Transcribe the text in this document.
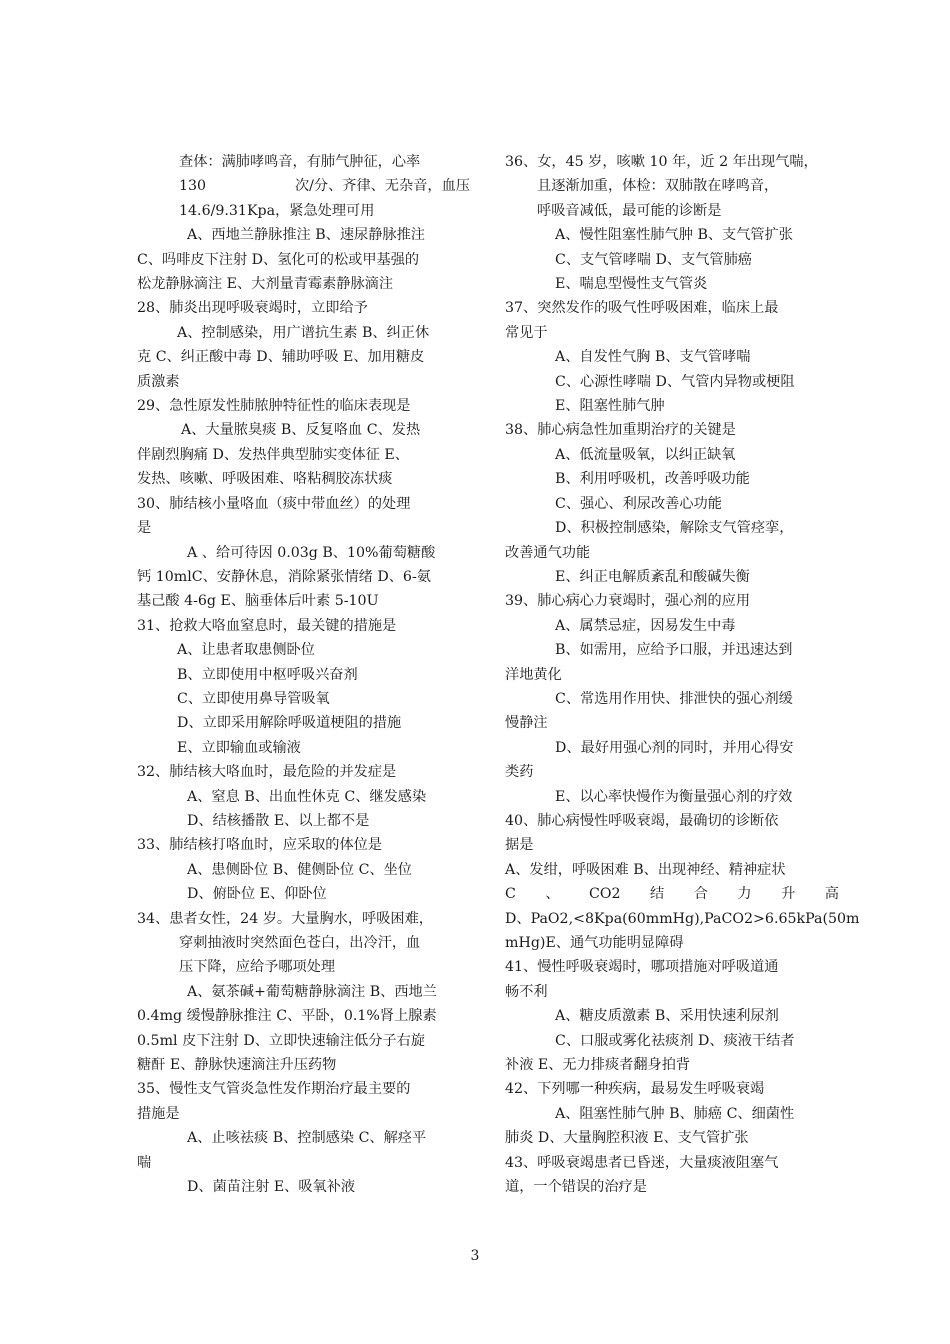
查体：满肺哮鸣音，有肺气肿征，心率
130	次/分、齐律、无杂音，血压
14.6/9.31Kpa，紧急处理可用
A、西地兰静脉推注 B、速尿静脉推注
C、吗啡皮下注射 D、氢化可的松或甲基强的
松龙静脉滴注 E、大剂量青霉素静脉滴注
28、肺炎出现呼吸衰竭时，立即给予
A、控制感染，用广谱抗生素 B、纠正休
克 C、纠正酸中毒 D、辅助呼吸 E、加用糖皮
质激素
29、急性原发性肺脓肿特征性的临床表现是
A、大量脓臭痰 B、反复咯血 C、发热
伴剧烈胸痛 D、发热伴典型肺实变体征 E、
发热、咳嗽、呼吸困难、咯粘稠胶冻状痰
30、肺结核小量咯血（痰中带血丝）的处理
是
A 、给可待因 0.03g B、10%葡萄糖酸
钙 10mlC、安静休息，消除紧张情绪 D、6-氨
基己酸 4-6g E、脑垂体后叶素 5-10U
31、抢救大咯血窒息时，最关键的措施是
A、让患者取患侧卧位
B、立即使用中枢呼吸兴奋剂
C、立即使用鼻导管吸氧
D、立即采用解除呼吸道梗阻的措施
E、立即输血或输液
32、肺结核大咯血时，最危险的并发症是
A、窒息 B、出血性休克 C、继发感染
D、结核播散 E、以上都不是
33、肺结核打咯血时，应采取的体位是
A、患侧卧位 B、健侧卧位 C、坐位
D、俯卧位 E、仰卧位
34、患者女性，24 岁。大量胸水，呼吸困难，
穿刺抽液时突然面色苍白，出冷汗，血
压下降，应给予哪项处理
A、氨茶碱+葡萄糖静脉滴注 B、西地兰
0.4mg 缓慢静脉推注 C、平卧，0.1%肾上腺素
0.5ml 皮下注射 D、立即快速输注低分子右旋
糖酐 E、静脉快速滴注升压药物
35、慢性支气管炎急性发作期治疗最主要的
措施是
A、止咳祛痰 B、控制感染 C、解痉平
喘
D、菌苗注射 E、吸氧补液
36、女，45 岁，咳嗽 10 年，近 2 年出现气喘，
且逐渐加重，体检：双肺散在哮鸣音，
呼吸音减低，最可能的诊断是
A、慢性阻塞性肺气肿 B、支气管扩张
C、支气管哮喘 D、支气管肺癌
E、喘息型慢性支气管炎
37、突然发作的吸气性呼吸困难，临床上最
常见于
A、自发性气胸 B、支气管哮喘
C、心源性哮喘 D、气管内异物或梗阻
E、阻塞性肺气肿
38、肺心病急性加重期治疗的关键是
A、低流量吸氧，以纠正缺氧
B、利用呼吸机，改善呼吸功能
C、强心、利尿改善心功能
D、积极控制感染，解除支气管痉挛，
改善通气功能
E、纠正电解质紊乱和酸碱失衡
39、肺心病心力衰竭时，强心剂的应用
A、属禁忌症，因易发生中毒
B、如需用，应给予口服，并迅速达到
洋地黄化
C、常选用作用快、排泄快的强心剂缓
慢静注
D、最好用强心剂的同时，并用心得安
类药
E、以心率快慢作为衡量强心剂的疗效
40、肺心病慢性呼吸衰竭，最确切的诊断依
据是
A、发绀，呼吸困难 B、出现神经、精神症状
C 、 CO2 结 合 力 升 高
D、PaO2,<8Kpa(60mmHg),PaCO2>6.65kPa(50m
mHg)E、通气功能明显障碍
41、慢性呼吸衰竭时，哪项措施对呼吸道通
畅不利
A、糖皮质激素 B、采用快速利尿剂
C、口服或雾化祛痰剂 D、痰液干结者
补液 E、无力排痰者翻身拍背
42、下列哪一种疾病，最易发生呼吸衰竭
A、阻塞性肺气肿 B、肺癌 C、细菌性
肺炎 D、大量胸腔积液 E、支气管扩张
43、呼吸衰竭患者已昏迷，大量痰液阻塞气
道，一个错误的治疗是
3
